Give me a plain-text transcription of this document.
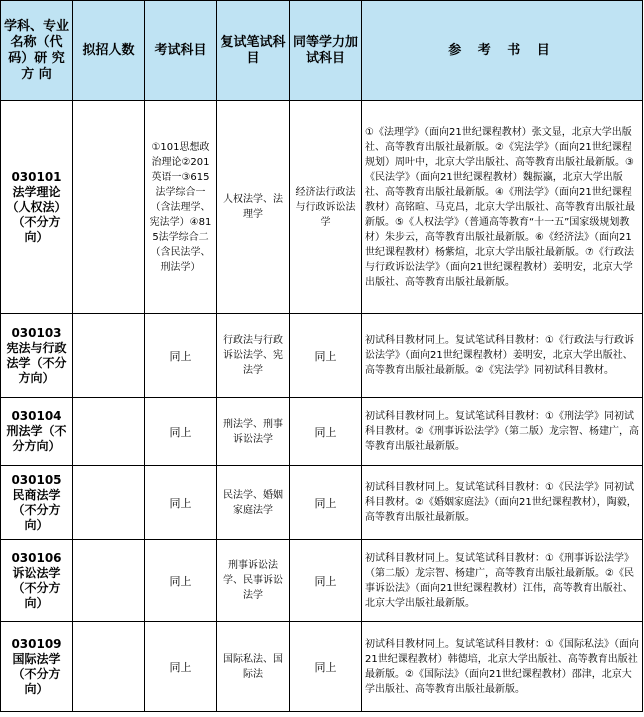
学科、专业名称（代码）研 究 方 向	拟招人数	考试科目	复试笔试科目	同等学力加试科目	参 考 书 目
030101 法学理论（人权法）（不分方向）		①101思想政治理论②201英语一③615法学综合一（含法理学、宪法学）④815法学综合二（含民法学、刑法学）	人权法学、法理学	经济法行政法与行政诉讼法学	①《法理学》（面向21世纪课程教材）张文显，北京大学出版社、高等教育出版社最新版。②《宪法学》（面向21世纪课程规划）周叶中，北京大学出版社、高等教育出版社最新版。③《民法学》（面向21世纪课程教材）魏振瀛，北京大学出版社、高等教育出版社最新版。④《刑法学》（面向21世纪课程教材）高铭暄、马克昌，北京大学出版社、高等教育出版社最新版。⑤《人权法学》（普通高等教育“十一五”国家级规划教材）朱步云，高等教育出版社最新版。⑥《经济法》（面向21世纪课程教材）杨紫煊，北京大学出版社最新版。⑦《行政法与行政诉讼法学》（面向21世纪课程教材）姜明安，北京大学出版社、高等教育出版社最新版。
030103 宪法与行政法学（不分方向）		同上	行政法与行政诉讼法学、宪法学	同上	初试科目教材同上。复试笔试科目教材：①《行政法与行政诉讼法学》（面向21世纪课程教材）姜明安，北京大学出版社、高等教育出版社最新版。②《宪法学》同初试科目教材。
030104 刑法学（不分方向）		同上	刑法学、刑事诉讼法学	同上	初试科目教材同上。复试笔试科目教材：①《刑法学》同初试科目教材。②《刑事诉讼法学》（第二版）龙宗智、杨建广，高等教育出版社最新版。
030105 民商法学（不分方向）		同上	民法学、婚姻家庭法学	同上	初试科目教材同上。复试笔试科目教材：①《民法学》同初试科目教材。②《婚姻家庭法》（面向21世纪课程教材），陶毅，高等教育出版社最新版。
030106 诉讼法学（不分方向）		同上	刑事诉讼法学、民事诉讼法学	同上	初试科目教材同上。复试笔试科目教材：①《刑事诉讼法学》（第二版）龙宗智、杨建广，高等教育出版社最新版。②《民事诉讼法》（面向21世纪课程教材）江伟，高等教育出版社、北京大学出版社最新版。
030109 国际法学（不分方向）		同上	国际私法、国际法	同上	初试科目教材同上。复试笔试科目教材：①《国际私法》（面向21世纪课程教材）韩德培，北京大学出版社、高等教育出版社最新版。②《国际法》（面向21世纪课程教材）邵津，北京大学出版社、高等教育出版社最新版。
